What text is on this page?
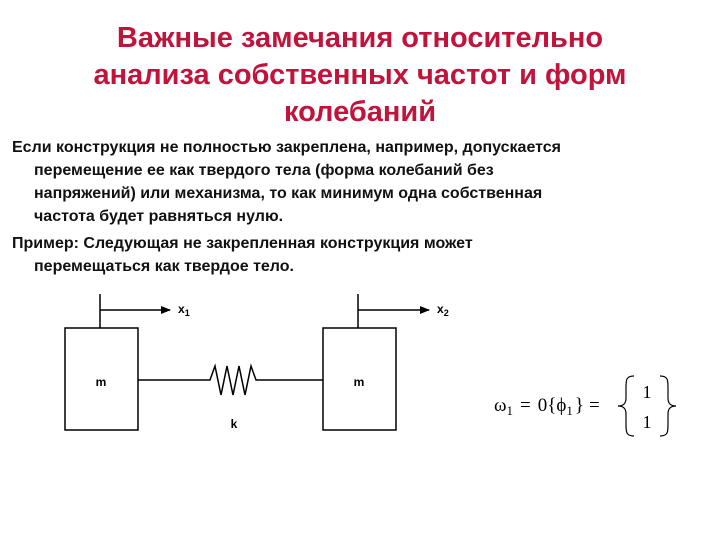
Важные замечания относительно
анализа собственных частот и форм
колебаний
Если конструкция не полностью закреплена, например, допускается
перемещение ее как твердого тела (форма колебаний без
напряжений) или механизма, то как минимум одна собственная
частота будет равняться нулю.
Пример: Следующая не закрепленная конструкция может
перемещаться как твердое тело.
$x_1$	$x_2$
m
k
m
$\omega_1 = 0\{\phi_1$ } =
1
1
